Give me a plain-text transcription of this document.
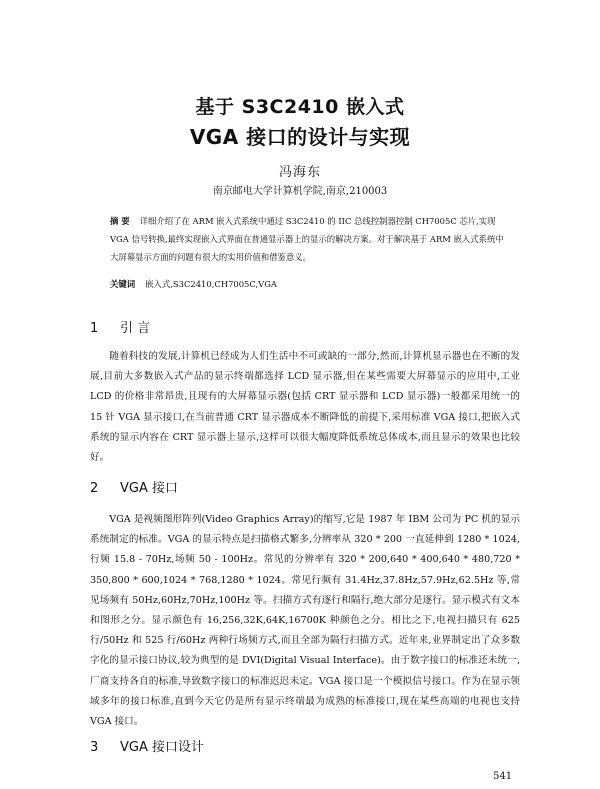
基于 S3C2410 嵌入式
VGA 接口的设计与实现
冯海东
南京邮电大学计算机学院,南京,210003
摘 要 详细介绍了在 ARM 嵌入式系统中通过 S3C2410 的 IIC 总线控制器控制 CH7005C 芯片,实现 VGA 信号转换,最终实现嵌入式界面在普通显示器上的显示的解决方案。对于解决基于 ARM 嵌入式系统中大屏幕显示方面的问题有很大的实用价值和借鉴意义。
关键词 嵌入式,S3C2410,CH7005C,VGA
1 引 言
随着科技的发展,计算机已经成为人们生活中不可或缺的一部分,然而,计算机显示器也在不断的发展,目前大多数嵌入式产品的显示终端都选择 LCD 显示器,但在某些需要大屏幕显示的应用中,工业 LCD 的价格非常昂贵,且现有的大屏幕显示器(包括 CRT 显示器和 LCD 显示器)一般都采用统一的 15 针 VGA 显示接口,在当前普通 CRT 显示器成本不断降低的前提下,采用标准 VGA 接口,把嵌入式系统的显示内容在 CRT 显示器上显示,这样可以很大幅度降低系统总体成本,而且显示的效果也比较好。
2 VGA 接口
VGA 是视频图形阵列(Video Graphics Array)的缩写,它是 1987 年 IBM 公司为 PC 机的显示系统制定的标准。VGA 的显示特点是扫描格式繁多,分辨率从 320 * 200 一直延伸到 1280 * 1024,行频 15.8 - 70Hz,场频 50 - 100Hz。常见的分辨率有 320 * 200,640 * 400,640 * 480,720 * 350,800 * 600,1024 * 768,1280 * 1024。常见行频有 31.4Hz,37.8Hz,57.9Hz,62.5Hz 等,常见场频有 50Hz,60Hz,70Hz,100Hz 等。扫描方式有逐行和隔行,绝大部分是逐行。显示模式有文本和图形之分。显示颜色有 16,256,32K,64K,16700K 种颜色之分。相比之下,电视扫描只有 625 行/50Hz 和 525 行/60Hz 两种行场频方式,而且全部为隔行扫描方式。近年来,业界制定出了众多数字化的显示接口协议,较为典型的是 DVI(Digital Visual Interface)。由于数字接口的标准还未统一,厂商支持各自的标准,导致数字接口的标准迟迟未定。VGA 接口是一个模拟信号接口。作为在显示领域多年的接口标准,直到今天它仍是所有显示终端最为成熟的标准接口,现在某些高端的电视也支持 VGA 接口。
3 VGA 接口设计
541
